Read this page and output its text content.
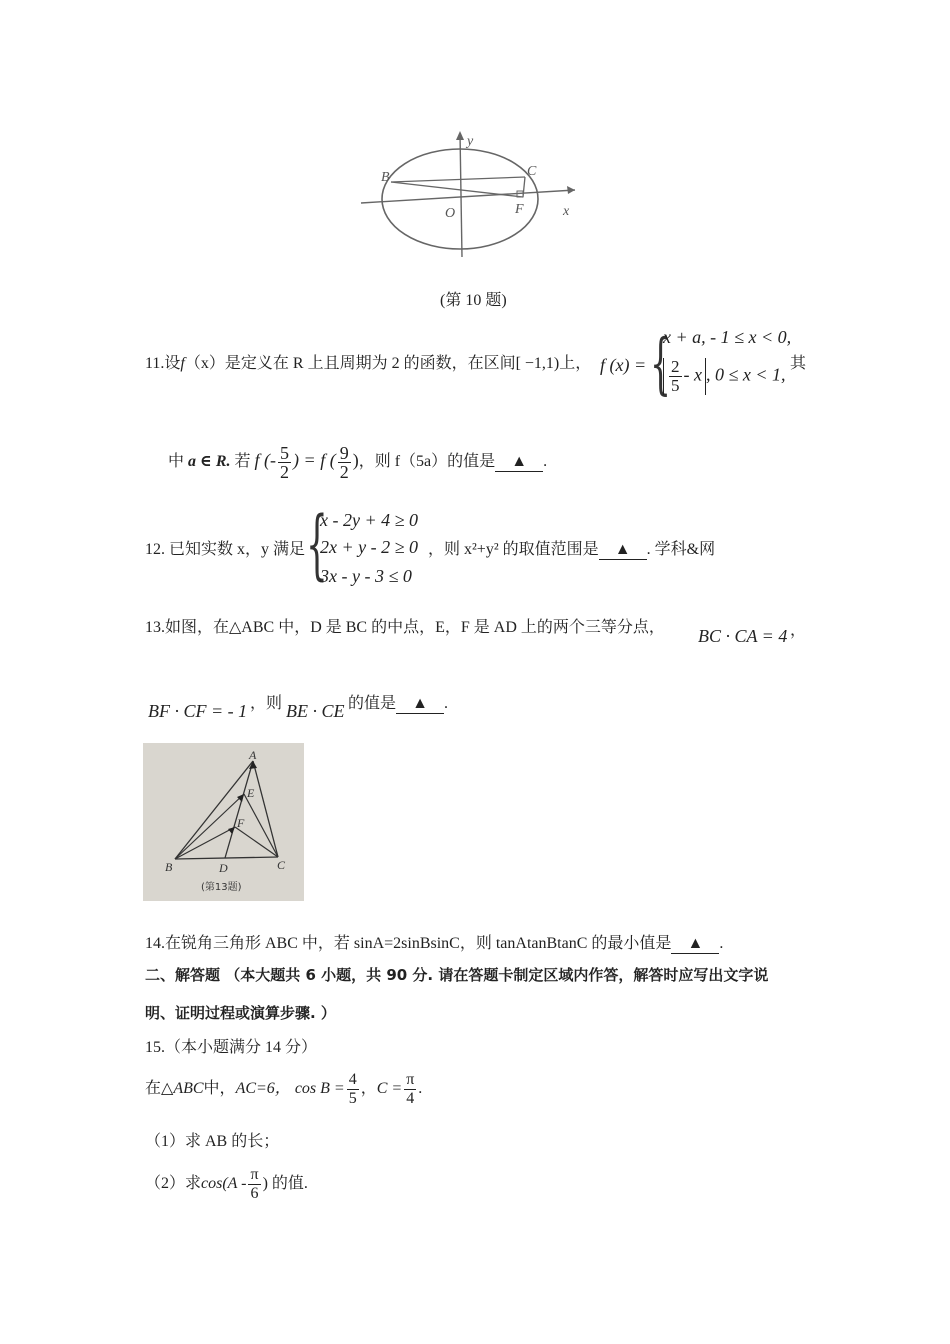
y
x
B	C
O	F
(第 10 题)
11.设f（x）是定义在 R 上且周期为 2 的函数，在区间[ −1,1)上， f (x) = {
x + a, - 1 ≤ x < 0,
$\frac{2}{5}$ - x , 0 ≤ x < 1,
其
中 a ∈ R. 若 f (- $\frac{5}{2}$ ) = f ( $\frac{9}{2}$ )，则 f（5a）的值是 ▲ .
12. 已知实数 x，y 满足 {
x - 2y + 4 ≥ 0
2x + y - 2 ≥ 0
3x - y - 3 ≤ 0
，则 x²+y² 的取值范围是 ▲ . 学科&网
13.如图，在△ABC 中，D 是 BC 的中点，E，F 是 AD 上的两个三等分点， BC · CA = 4 ，
BF · CF = - 1 ，则 BE · CE 的值是 ▲ .
A
E
F
B	D	C
(第13题)
14.在锐角三角形 ABC 中，若 sinA=2sinBsinC，则 tanAtanBtanC 的最小值是 ▲ .
二、解答题 （本大题共 6 小题，共 90 分. 请在答题卡制定区域内作答，解答时应写出文字说
明、证明过程或演算步骤. ）
15.（本小题满分 14 分）
在△ABC中，AC=6， $\cos B = \frac{4}{5}$ ，$C = \frac{\pi}{4}$ .
（1）求 AB 的长；
（2）求$\cos(A - \frac{\pi}{6}$ ) 的值.
